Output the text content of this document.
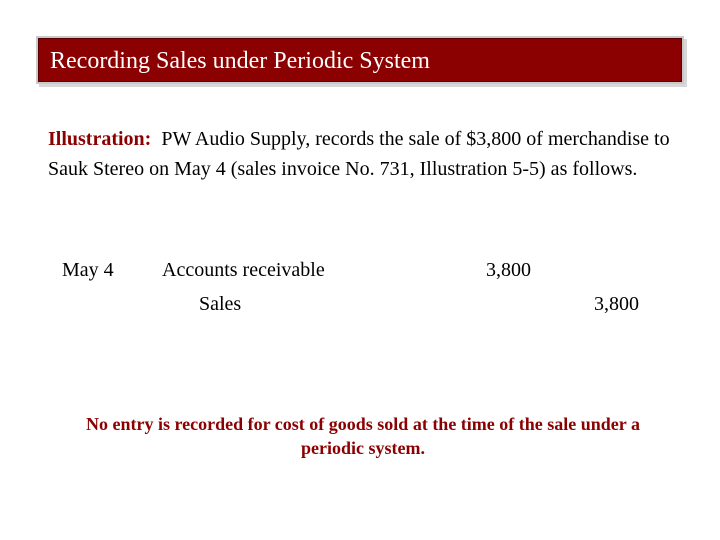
Recording Sales under Periodic System
Illustration: PW Audio Supply, records the sale of $3,800 of merchandise to Sauk Stereo on May 4 (sales invoice No. 731, Illustration 5-5) as follows.
May 4 Accounts receivable	3,800
Sales	3,800
No entry is recorded for cost of goods sold at the time of the sale under a periodic system.
